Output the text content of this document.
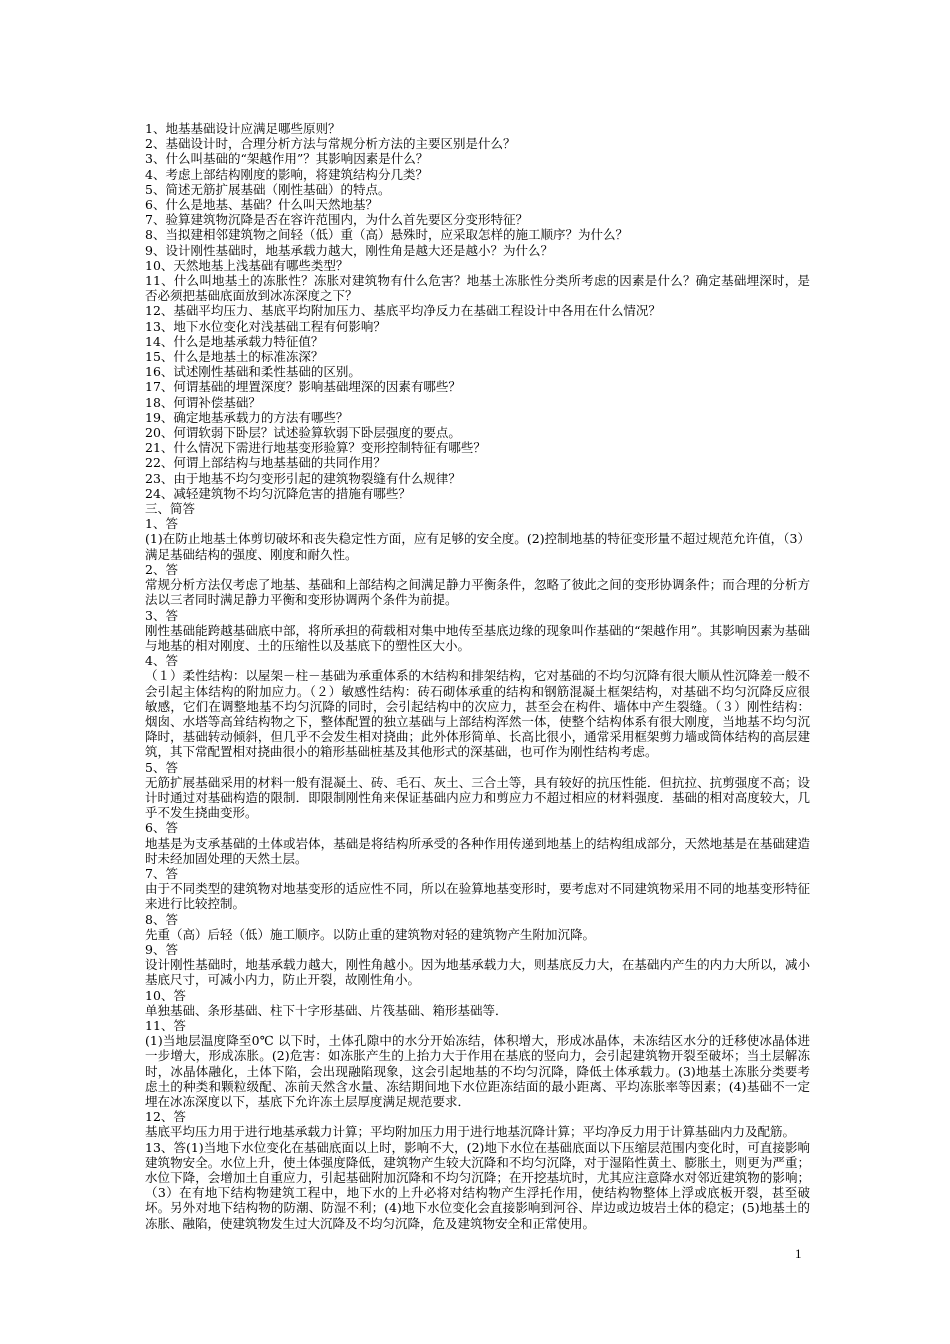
1、地基基础设计应满足哪些原则？
2、基础设计时，合理分析方法与常规分析方法的主要区别是什么？
3、什么叫基础的“架越作用”？其影响因素是什么？
4、考虑上部结构刚度的影响，将建筑结构分几类？
5、简述无筋扩展基础（刚性基础）的特点。
6、什么是地基、基础？什么叫天然地基？
7、验算建筑物沉降是否在容许范围内，为什么首先要区分变形特征？
8、当拟建相邻建筑物之间轻（低）重（高）悬殊时，应采取怎样的施工顺序？为什么？
9、设计刚性基础时，地基承载力越大，刚性角是越大还是越小？为什么？
10、天然地基上浅基础有哪些类型？
11、什么叫地基土的冻胀性？冻胀对建筑物有什么危害？地基土冻胀性分类所考虑的因素是什么？确定基础埋深时，是否必须把基础底面放到冰冻深度之下？
12、基础平均压力、基底平均附加压力、基底平均净反力在基础工程设计中各用在什么情况？
13、地下水位变化对浅基础工程有何影响？
14、什么是地基承载力特征值？
15、什么是地基土的标准冻深？
16、试述刚性基础和柔性基础的区别。
17、何谓基础的埋置深度？影响基础埋深的因素有哪些？
18、何谓补偿基础？
19、确定地基承载力的方法有哪些？
20、何谓软弱下卧层？试述验算软弱下卧层强度的要点。
21、什么情况下需进行地基变形验算？变形控制特征有哪些？
22、何谓上部结构与地基基础的共同作用？
23、由于地基不均匀变形引起的建筑物裂缝有什么规律？
24、减轻建筑物不均匀沉降危害的措施有哪些？
三、简答
1、答
(1)在防止地基土体剪切破坏和丧失稳定性方面，应有足够的安全度。(2)控制地基的特征变形量不超过规范允许值，（3）满足基础结构的强度、刚度和耐久性。
2、答
常规分析方法仅考虑了地基、基础和上部结构之间满足静力平衡条件，忽略了彼此之间的变形协调条件；而合理的分析方法以三者同时满足静力平衡和变形协调两个条件为前提。
3、答
刚性基础能跨越基础底中部，将所承担的荷载相对集中地传至基底边缘的现象叫作基础的“架越作用”。其影响因素为基础与地基的相对刚度、土的压缩性以及基底下的塑性区大小。
4、答
（１）柔性结构：以屋架－柱－基础为承重体系的木结构和排架结构，它对基础的不均匀沉降有很大顺从性沉降差一般不会引起主体结构的附加应力。（２）敏感性结构：砖石砌体承重的结构和钢筋混凝土框架结构，对基础不均匀沉降反应很敏感，它们在调整地基不均匀沉降的同时，会引起结构中的次应力，甚至会在构件、墙体中产生裂缝。（３）刚性结构：烟囱、水塔等高耸结构物之下，整体配置的独立基础与上部结构浑然一体，使整个结构体系有很大刚度，当地基不均匀沉降时，基础转动倾斜，但几乎不会发生相对挠曲；此外体形简单、长高比很小，通常采用框架剪力墙或筒体结构的高层建筑，其下常配置相对挠曲很小的箱形基础桩基及其他形式的深基础，也可作为刚性结构考虑。
5、答
无筋扩展基础采用的材料一般有混凝土、砖、毛石、灰土、三合土等，具有较好的抗压性能．但抗拉、抗剪强度不高；设计时通过对基础构造的限制．即限制刚性角来保证基础内应力和剪应力不超过相应的材料强度．基础的相对高度较大，几乎不发生挠曲变形。
6、答
地基是为支承基础的土体或岩体，基础是将结构所承受的各种作用传递到地基上的结构组成部分，天然地基是在基础建造时未经加固处理的天然土层。
7、答
由于不同类型的建筑物对地基变形的适应性不同，所以在验算地基变形时，要考虑对不同建筑物采用不同的地基变形特征来进行比较控制。
8、答
先重（高）后轻（低）施工顺序。以防止重的建筑物对轻的建筑物产生附加沉降。
9、答
设计刚性基础时，地基承载力越大，刚性角越小。因为地基承载力大，则基底反力大，在基础内产生的内力大所以，减小基底尺寸，可减小内力，防止开裂，故刚性角小。
10、答
单独基础、条形基础、柱下十字形基础、片筏基础、箱形基础等．
11、答
(1)当地层温度降至0℃ 以下时，土体孔隙中的水分开始冻结，体积增大，形成冰晶体，未冻结区水分的迁移使冰晶体进一步增大，形成冻胀。(2)危害：如冻胀产生的上抬力大于作用在基底的竖向力，会引起建筑物开裂至破坏；当土层解冻时，冰晶体融化，土体下陷，会出现融陷现象，这会引起地基的不均匀沉降，降低土体承载力。(3)地基土冻胀分类要考虑土的种类和颗粒级配、冻前天然含水量、冻结期间地下水位距冻结面的最小距离、平均冻胀率等因素；(4)基础不一定埋在冰冻深度以下，基底下允许冻土层厚度满足规范要求．
12、答
基底平均压力用于进行地基承载力计算；平均附加压力用于进行地基沉降计算；平均净反力用于计算基础内力及配筋。
13、答(1)当地下水位变化在基础底面以上时，影响不大，(2)地下水位在基础底面以下压缩层范围内变化时，可直接影响建筑物安全。水位上升，使土体强度降低，建筑物产生较大沉降和不均匀沉降，对于湿陷性黄土、膨胀土，则更为严重；水位下降，会增加土自重应力，引起基础附加沉降和不均匀沉降；在开挖基坑时，尤其应注意降水对邻近建筑物的影响；（3）在有地下结构物建筑工程中，地下水的上升必将对结构物产生浮托作用，使结构物整体上浮或底板开裂，甚至破坏。另外对地下结构物的防潮、防湿不利；(4)地下水位变化会直接影响到河谷、岸边或边坡岩土体的稳定；(5)地基土的冻胀、融陷，使建筑物发生过大沉降及不均匀沉降，危及建筑物安全和正常使用。
1
